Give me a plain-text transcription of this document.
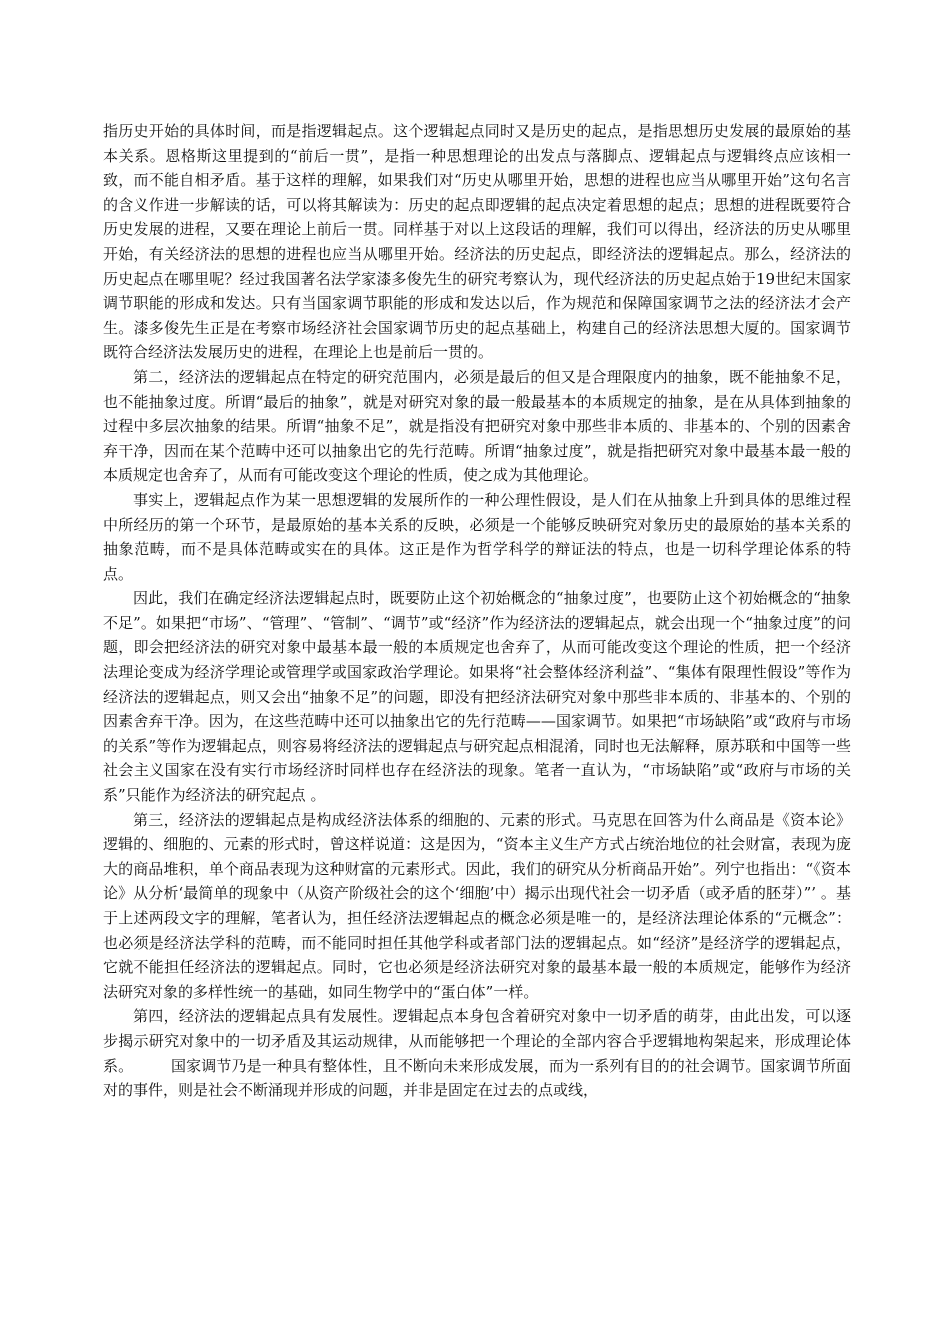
指历史开始的具体时间，而是指逻辑起点。这个逻辑起点同时又是历史的起点，是指思想历史发展的最原始的基本关系。恩格斯这里提到的“前后一贯”，是指一种思想理论的出发点与落脚点、逻辑起点与逻辑终点应该相一致，而不能自相矛盾。基于这样的理解，如果我们对“历史从哪里开始，思想的进程也应当从哪里开始”这句名言的含义作进一步解读的话，可以将其解读为：历史的起点即逻辑的起点决定着思想的起点；思想的进程既要符合历史发展的进程，又要在理论上前后一贯。同样基于对以上这段话的理解，我们可以得出，经济法的历史从哪里开始，有关经济法的思想的进程也应当从哪里开始。经济法的历史起点，即经济法的逻辑起点。那么，经济法的历史起点在哪里呢？经过我国著名法学家漆多俊先生的研究考察认为，现代经济法的历史起点始于19世纪末国家调节职能的形成和发达。只有当国家调节职能的形成和发达以后，作为规范和保障国家调节之法的经济法才会产生。漆多俊先生正是在考察市场经济社会国家调节历史的起点基础上，构建自己的经济法思想大厦的。国家调节既符合经济法发展历史的进程，在理论上也是前后一贯的。

第二，经济法的逻辑起点在特定的研究范围内，必须是最后的但又是合理限度内的抽象，既不能抽象不足，也不能抽象过度。所谓“最后的抽象”，就是对研究对象的最一般最基本的本质规定的抽象，是在从具体到抽象的过程中多层次抽象的结果。所谓“抽象不足”，就是指没有把研究对象中那些非本质的、非基本的、个别的因素舍弃干净，因而在某个范畴中还可以抽象出它的先行范畴。所谓“抽象过度”，就是指把研究对象中最基本最一般的本质规定也舍弃了，从而有可能改变这个理论的性质，使之成为其他理论。

事实上，逻辑起点作为某一思想逻辑的发展所作的一种公理性假设，是人们在从抽象上升到具体的思维过程中所经历的第一个环节，是最原始的基本关系的反映，必须是一个能够反映研究对象历史的最原始的基本关系的抽象范畴，而不是具体范畴或实在的具体。这正是作为哲学科学的辩证法的特点，也是一切科学理论体系的特点。

因此，我们在确定经济法逻辑起点时，既要防止这个初始概念的“抽象过度”，也要防止这个初始概念的“抽象不足”。如果把“市场”、“管理”、“管制”、“调节”或“经济”作为经济法的逻辑起点，就会出现一个“抽象过度”的问题，即会把经济法的研究对象中最基本最一般的本质规定也舍弃了，从而可能改变这个理论的性质，把一个经济法理论变成为经济学理论或管理学或国家政治学理论。如果将“社会整体经济利益”、“集体有限理性假设”等作为经济法的逻辑起点，则又会出“抽象不足”的问题，即没有把经济法研究对象中那些非本质的、非基本的、个别的因素舍弃干净。因为，在这些范畴中还可以抽象出它的先行范畴——国家调节。如果把“市场缺陷”或“政府与市场的关系”等作为逻辑起点，则容易将经济法的逻辑起点与研究起点相混淆，同时也无法解释，原苏联和中国等一些社会主义国家在没有实行市场经济时同样也存在经济法的现象。笔者一直认为，“市场缺陷”或“政府与市场的关系”只能作为经济法的研究起点 。

第三，经济法的逻辑起点是构成经济法体系的细胞的、元素的形式。马克思在回答为什么商品是《资本论》逻辑的、细胞的、元素的形式时，曾这样说道：这是因为，“资本主义生产方式占统治地位的社会财富，表现为庞大的商品堆积，单个商品表现为这种财富的元素形式。因此，我们的研究从分析商品开始”。列宁也指出：“《资本论》从分析‘最简单的现象中（从资产阶级社会的这个‘细胞’中）揭示出现代社会一切矛盾（或矛盾的胚芽）”’ 。基于上述两段文字的理解，笔者认为，担任经济法逻辑起点的概念必须是唯一的，是经济法理论体系的“元概念”：也必须是经济法学科的范畴，而不能同时担任其他学科或者部门法的逻辑起点。如“经济”是经济学的逻辑起点，它就不能担任经济法的逻辑起点。同时，它也必须是经济法研究对象的最基本最一般的本质规定，能够作为经济法研究对象的多样性统一的基础，如同生物学中的“蛋白体”一样。

第四，经济法的逻辑起点具有发展性。逻辑起点本身包含着研究对象中一切矛盾的萌芽，由此出发，可以逐步揭示研究对象中的一切矛盾及其运动规律，从而能够把一个理论的全部内容合乎逻辑地构架起来，形成理论体系。　　　国家调节乃是一种具有整体性，且不断向未来形成发展，而为一系列有目的的社会调节。国家调节所面对的事件，则是社会不断涌现并形成的问题，并非是固定在过去的点或线，
